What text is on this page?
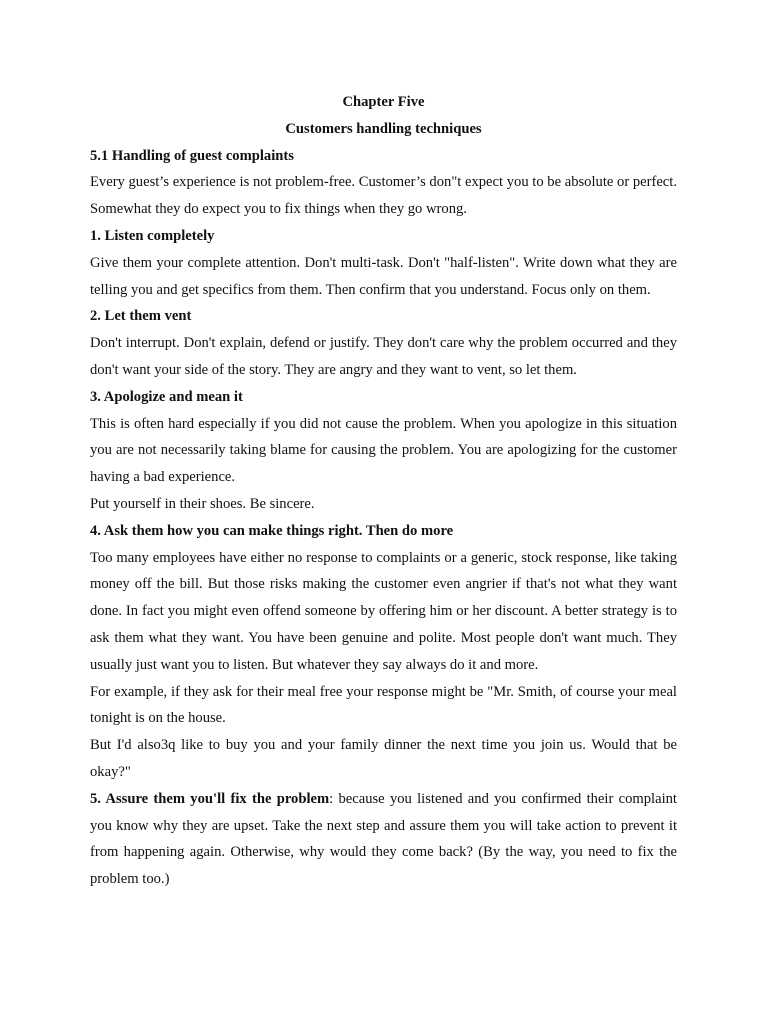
Chapter Five

Customers handling techniques

5.1 Handling of guest complaints

Every guest’s experience is not problem-free. Customer’s don"t expect you to be absolute or perfect. Somewhat they do expect you to fix things when they go wrong.

1. Listen completely

Give them your complete attention. Don't multi-task. Don't "half-listen". Write down what they are telling you and get specifics from them. Then confirm that you understand. Focus only on them.

2. Let them vent

Don't interrupt. Don't explain, defend or justify. They don't care why the problem occurred and they don't want your side of the story. They are angry and they want to vent, so let them.

3. Apologize and mean it

This is often hard especially if you did not cause the problem. When you apologize in this situation you are not necessarily taking blame for causing the problem. You are apologizing for the customer having a bad experience.

Put yourself in their shoes. Be sincere.

4. Ask them how you can make things right. Then do more

Too many employees have either no response to complaints or a generic, stock response, like taking money off the bill. But those risks making the customer even angrier if that's not what they want done. In fact you might even offend someone by offering him or her discount. A better strategy is to ask them what they want. You have been genuine and polite. Most people don't want much. They usually just want you to listen. But whatever they say always do it and more.

For example, if they ask for their meal free your response might be "Mr. Smith, of course your meal tonight is on the house.

But I'd also3q like to buy you and your family dinner the next time you join us. Would that be okay?"

5. Assure them you'll fix the problem: because you listened and you confirmed their complaint you know why they are upset. Take the next step and assure them you will take action to prevent it from happening again. Otherwise, why would they come back? (By the way, you need to fix the problem too.)
